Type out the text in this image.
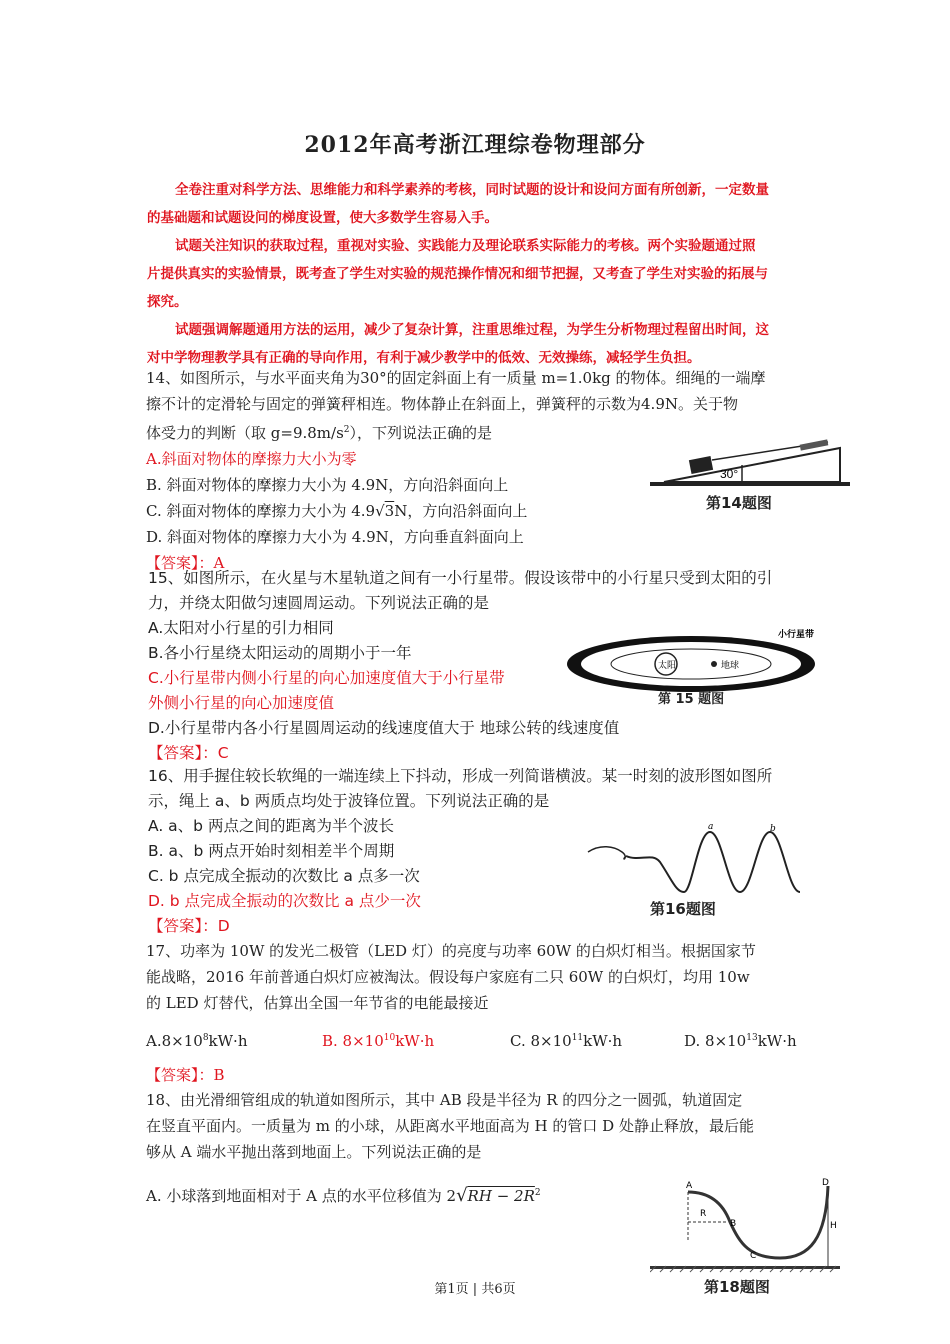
2012年高考浙江理综卷物理部分
全卷注重对科学方法、思维能力和科学素养的考核，同时试题的设计和设问方面有所创新，一定数量
的基础题和试题设问的梯度设置，使大多数学生容易入手。
试题关注知识的获取过程，重视对实验、实践能力及理论联系实际能力的考核。两个实验题通过照
片提供真实的实验情景，既考查了学生对实验的规范操作情况和细节把握，又考查了学生对实验的拓展与
探究。
试题强调解题通用方法的运用，减少了复杂计算，注重思维过程，为学生分析物理过程留出时间，这
对中学物理教学具有正确的导向作用，有利于减少教学中的低效、无效操练，减轻学生负担。
14、如图所示，与水平面夹角为30°的固定斜面上有一质量 m=1.0kg 的物体。细绳的一端摩
擦不计的定滑轮与固定的弹簧秤相连。物体静止在斜面上，弹簧秤的示数为4.9N。关于物
体受力的判断（取 $g=9.8m/s^2$），下列说法正确的是
A.斜面对物体的摩擦力大小为零
B. 斜面对物体的摩擦力大小为 4.9N，方向沿斜面向上
C. 斜面对物体的摩擦力大小为 4.9√3N，方向沿斜面向上
D. 斜面对物体的摩擦力大小为 4.9N，方向垂直斜面向上
【答案】：A
30°
第14题图
15、如图所示，在火星与木星轨道之间有一小行星带。假设该带中的小行星只受到太阳的引
力，并绕太阳做匀速圆周运动。下列说法正确的是
A.太阳对小行星的引力相同
B.各小行星绕太阳运动的周期小于一年
C.小行星带内侧小行星的向心加速度值大于小行星带
外侧小行星的向心加速度值
D.小行星带内各小行星圆周运动的线速度值大于 地球公转的线速度值
【答案】：C
太阳	地球
小行星带
第 15 题图
16、用手握住较长软绳的一端连续上下抖动，形成一列简谐横波。某一时刻的波形图如图所
示，绳上 a、b 两质点均处于波锋位置。下列说法正确的是
A. a、b 两点之间的距离为半个波长
B. a、b 两点开始时刻相差半个周期
C. b 点完成全振动的次数比 a 点多一次
D. b 点完成全振动的次数比 a 点少一次
【答案】：D
a	b
第16题图
17、功率为 10W 的发光二极管（LED 灯）的亮度与功率 60W 的白炽灯相当。根据国家节
能战略，2016 年前普通白炽灯应被淘汰。假设每户家庭有二只 60W 的白炽灯，均用 10w
的 LED 灯替代，估算出全国一年节省的电能最接近
$A.8\times 10^8kW\cdot h$	B. $8\times 10^{10}kW\cdot h$	C. $8\times 10^{11}kW\cdot h$	D. $8\times 10^{13}kW\cdot h$
【答案】：B
18、由光滑细管组成的轨道如图所示，其中 AB 段是半径为 R 的四分之一圆弧，轨道固定
在竖直平面内。一质量为 m 的小球，从距离水平地面高为 H 的管口 D 处静止释放，最后能
够从 A 端水平抛出落到地面上。下列说法正确的是
A. 小球落到地面相对于 A 点的水平位移值为 $2√RH - 2R^2$
A
B
C
D
R
H
第18题图
第1页 | 共6页
